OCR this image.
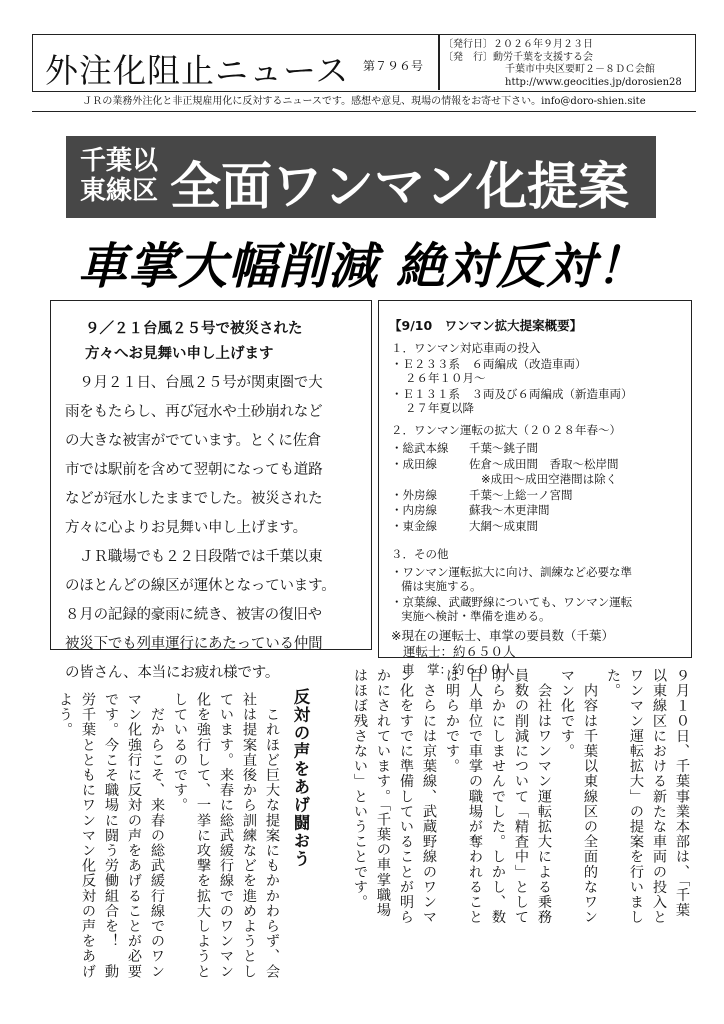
外注化阻止ニュース 第７９６号
〔発行日〕２０２６年９月２３日
〔発　行〕動労千葉を支援する会
千葉市中央区要町２－８ＤＣ会館
http://www.geocities.jp/dorosien28
ＪＲの業務外注化と非正規雇用化に反対するニュースです。感想や意見、現場の情報をお寄せ下さい。info@doro-shien.site
千葉以
東線区 全面ワンマン化提案
車掌大幅削減 絶対反対！
９／２１台風２５号で被災された
方々へお見舞い申し上げます
　９月２１日、台風２５号が関東圏で大
雨をもたらし、再び冠水や土砂崩れなど
の大きな被害がでています。とくに佐倉
市では駅前を含めて翌朝になっても道路
などが冠水したままでした。被災された
方々に心よりお見舞い申し上げます。
　ＪＲ職場でも２２日段階では千葉以東
のほとんどの線区が運休となっています。
８月の記録的豪雨に続き、被害の復旧や
被災下でも列車運行にあたっている仲間
の皆さん、本当にお疲れ様です。
【9/10　ワンマン拡大提案概要】
１．ワンマン対応車両の投入
・Ｅ２３３系　６両編成（改造車両）
２６年１０月～
・Ｅ１３１系　３両及び６両編成（新造車両）
２７年夏以降
２．ワンマン運転の拡大（２０２８年春～）
・総武本線 千葉～銚子間
・成田線	佐倉～成田間　香取～松岸間
※成田～成田空港間は除く
・外房線	千葉～上総一ノ宮間
・内房線	蘇我～木更津間
・東金線	大網～成東間
３．その他
・ワンマン運転拡大に向け、訓練など必要な準
備は実施する。
・京葉線、武蔵野線についても、ワンマン運転
実施へ検討・準備を進める。
※現在の運転士、車掌の要員数（千葉）
運転士：約６５０人
車　掌：約６００人
反対の声をあげ闘おう	９月１０日、千葉事業本部は、「千葉
以東線区における新たな車両の投入と
ワンマン運転拡大」の提案を行いまし
た。
　内容は千葉以東線区の全面的なワン
マン化です。
　会社はワンマン運転拡大による乗務
員数の削減について「精査中」として
明らかにしませんでした。しかし、数
百人単位で車掌の職場が奪われること
は明らかです。
　さらには京葉線、武蔵野線のワンマ
ン化をすでに準備していることが明ら
かにされています。「千葉の車掌職場
はほぼ残さない」ということです。
　これほど巨大な提案にもかかわらず、会
社は提案直後から訓練などを進めようとし
ています。来春に総武緩行線でのワンマン
化を強行して、一挙に攻撃を拡大しようと
しているのです。
　だからこそ、来春の総武緩行線でのワン
マン化強行に反対の声をあげることが必要
です。今こそ職場に闘う労働組合を！　動
労千葉とともにワンマン化反対の声をあげ
よう。
